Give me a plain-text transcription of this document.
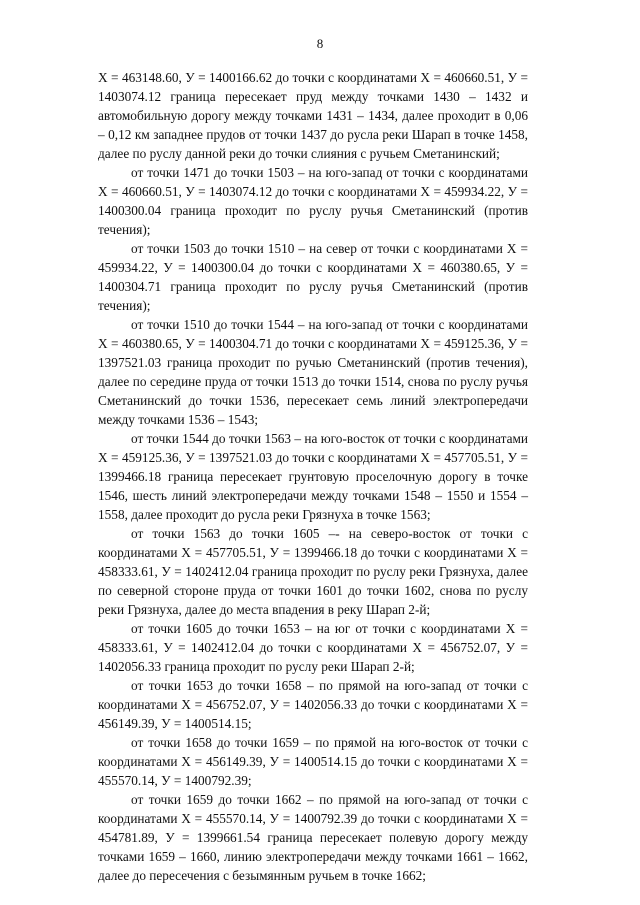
8

X = 463148.60, У = 1400166.62 до точки с координатами X = 460660.51, У = 1403074.12 граница пересекает пруд между точками 1430 – 1432 и автомобильную дорогу между точками 1431 – 1434, далее проходит в 0,06 – 0,12 км западнее прудов от точки 1437 до русла реки Шарап в точке 1458, далее по руслу данной реки до точки слияния с ручьем Сметанинский;

от точки 1471 до точки 1503 – на юго-запад от точки с координатами X = 460660.51, У = 1403074.12 до точки с координатами X = 459934.22, У = 1400300.04 граница проходит по руслу ручья Сметанинский (против течения);

от точки 1503 до точки 1510 – на север от точки с координатами X = 459934.22, У = 1400300.04 до точки с координатами X = 460380.65, У = 1400304.71 граница проходит по руслу ручья Сметанинский (против течения);

от точки 1510 до точки 1544 – на юго-запад от точки с координатами X = 460380.65, У = 1400304.71 до точки с координатами X = 459125.36, У = 1397521.03 граница проходит по ручью Сметанинский (против течения), далее по середине пруда от точки 1513 до точки 1514, снова по руслу ручья Сметанинский до точки 1536, пересекает семь линий электропередачи между точками 1536 – 1543;

от точки 1544 до точки 1563 – на юго-восток от точки с координатами X = 459125.36, У = 1397521.03 до точки с координатами X = 457705.51, У = 1399466.18 граница пересекает грунтовую проселочную дорогу в точке 1546, шесть линий электропередачи между точками 1548 – 1550 и 1554 – 1558, далее проходит до русла реки Грязнуха в точке 1563;

от точки 1563 до точки 1605 –- на северо-восток от точки с координатами X = 457705.51, У = 1399466.18 до точки с координатами X = 458333.61, У = 1402412.04 граница проходит по руслу реки Грязнуха, далее по северной стороне пруда от точки 1601 до точки 1602, снова по руслу реки Грязнуха, далее до места впадения в реку Шарап 2-й;

от точки 1605 до точки 1653 – на юг от точки с координатами X = 458333.61, У = 1402412.04 до точки с координатами X = 456752.07, У = 1402056.33 граница проходит по руслу реки Шарап 2-й;

от точки 1653 до точки 1658 – по прямой на юго-запад от точки с координатами X = 456752.07, У = 1402056.33 до точки с координатами X = 456149.39, У = 1400514.15;

от точки 1658 до точки 1659 – по прямой на юго-восток от точки с координатами X = 456149.39, У = 1400514.15 до точки с координатами X = 455570.14, У = 1400792.39;

от точки 1659 до точки 1662 – по прямой на юго-запад от точки с координатами X = 455570.14, У = 1400792.39 до точки с координатами X = 454781.89, У = 1399661.54 граница пересекает полевую дорогу между точками 1659 – 1660, линию электропередачи между точками 1661 – 1662, далее до пересечения с безымянным ручьем в точке 1662;
